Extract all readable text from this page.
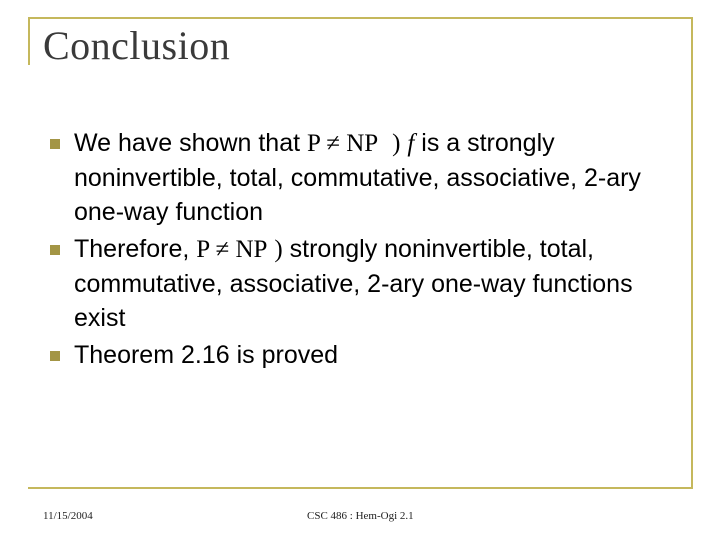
Conclusion
We have shown that P ≠ NP ) f is a strongly noninvertible, total, commutative, associative, 2-ary one-way function
Therefore, P ≠ NP ) strongly noninvertible, total, commutative, associative, 2-ary one-way functions exist
Theorem 2.16 is proved
11/15/2004	CSC 486 : Hem-Ogi 2.1
